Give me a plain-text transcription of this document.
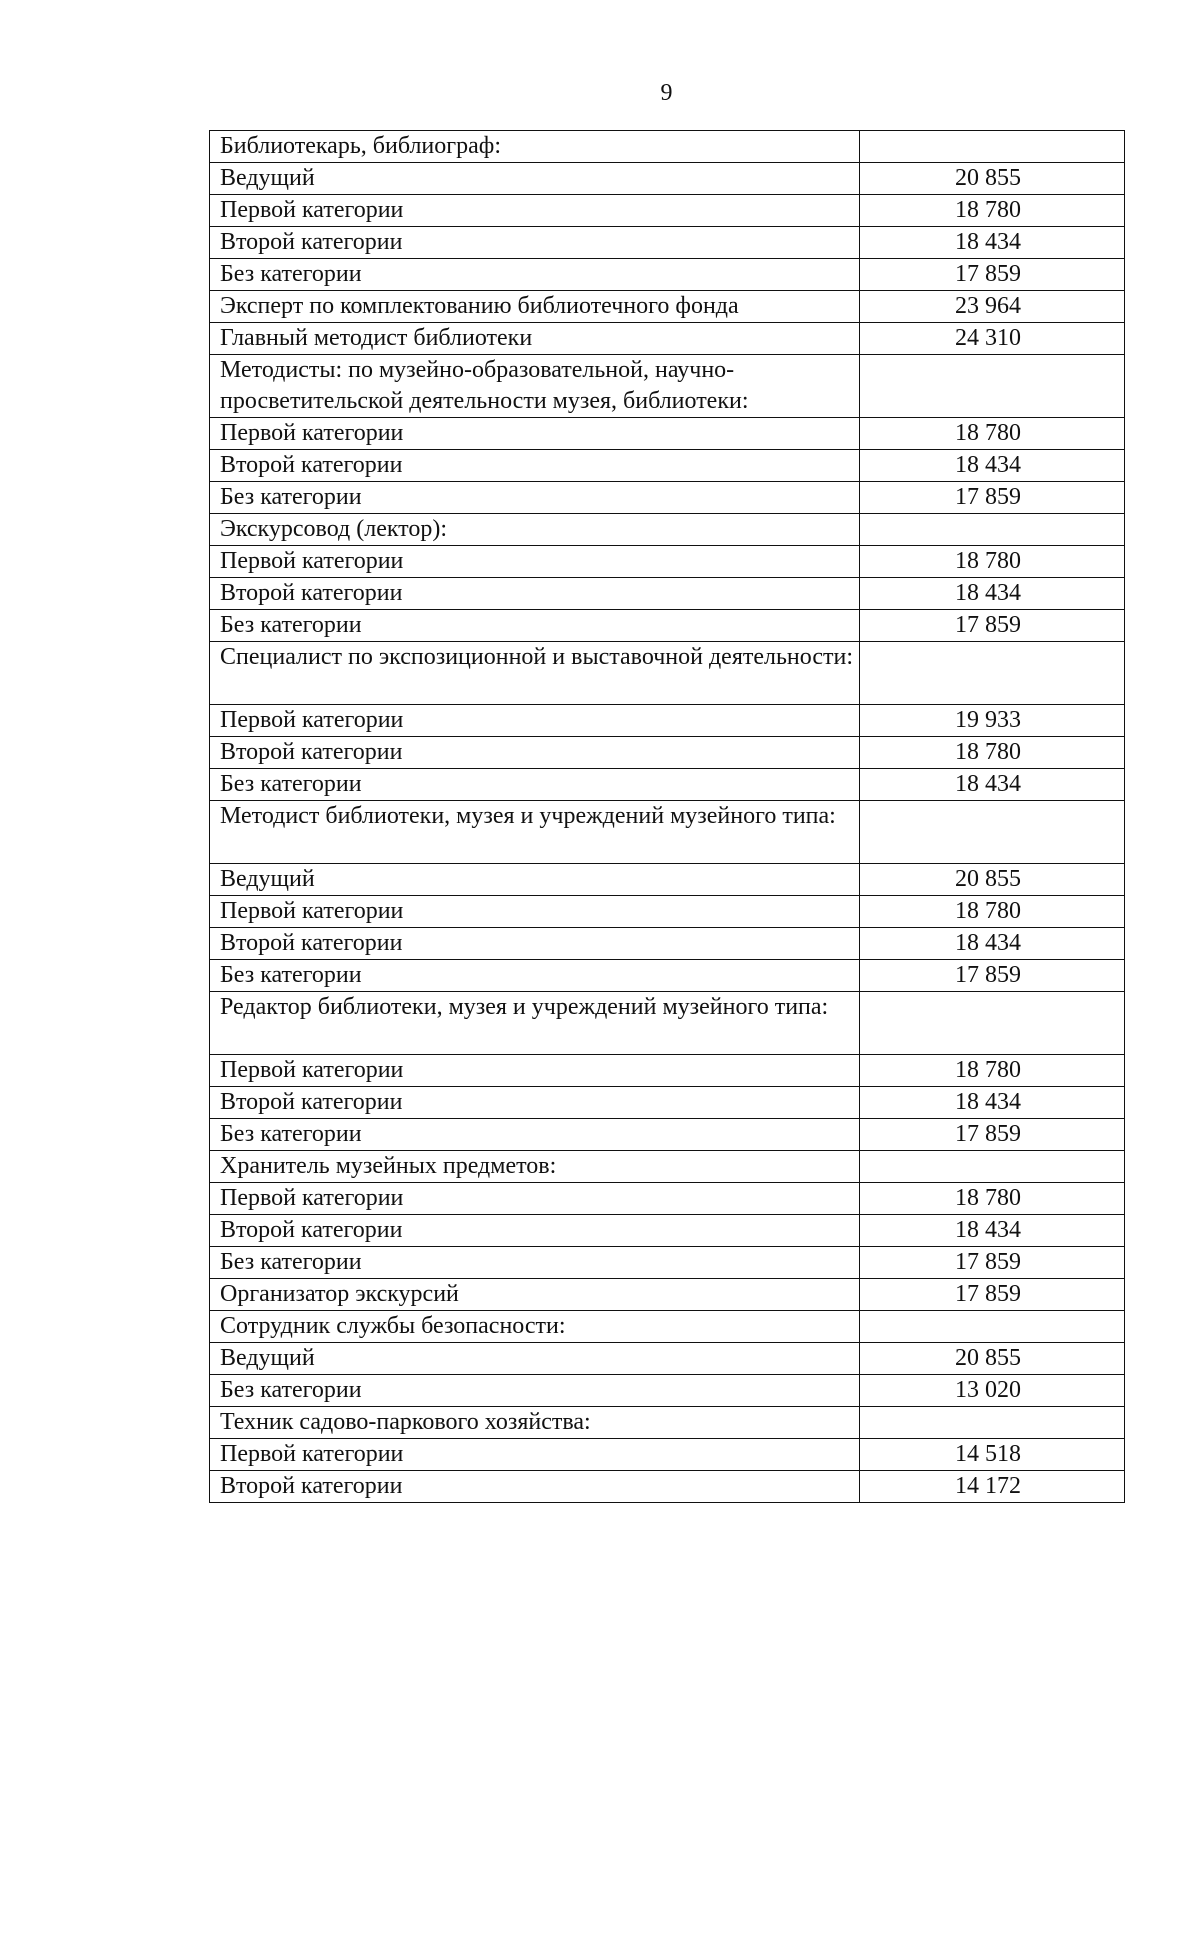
9
Библиотекарь, библиограф:	
Ведущий	20 855
Первой категории	18 780
Второй категории	18 434
Без категории	17 859
Эксперт по комплектованию библиотечного фонда	23 964
Главный методист библиотеки	24 310
Методисты: по музейно-образовательной, научно-просветительской деятельности музея, библиотеки:	
Первой категории	18 780
Второй категории	18 434
Без категории	17 859
Экскурсовод (лектор):	
Первой категории	18 780
Второй категории	18 434
Без категории	17 859
Специалист по экспозиционной и выставочной деятельности:	
Первой категории	19 933
Второй категории	18 780
Без категории	18 434
Методист библиотеки, музея и учреждений музейного типа:	
Ведущий	20 855
Первой категории	18 780
Второй категории	18 434
Без категории	17 859
Редактор библиотеки, музея и учреждений музейного типа:	
Первой категории	18 780
Второй категории	18 434
Без категории	17 859
Хранитель музейных предметов:	
Первой категории	18 780
Второй категории	18 434
Без категории	17 859
Организатор экскурсий	17 859
Сотрудник службы безопасности:	
Ведущий	20 855
Без категории	13 020
Техник садово-паркового хозяйства:	
Первой категории	14 518
Второй категории	14 172
